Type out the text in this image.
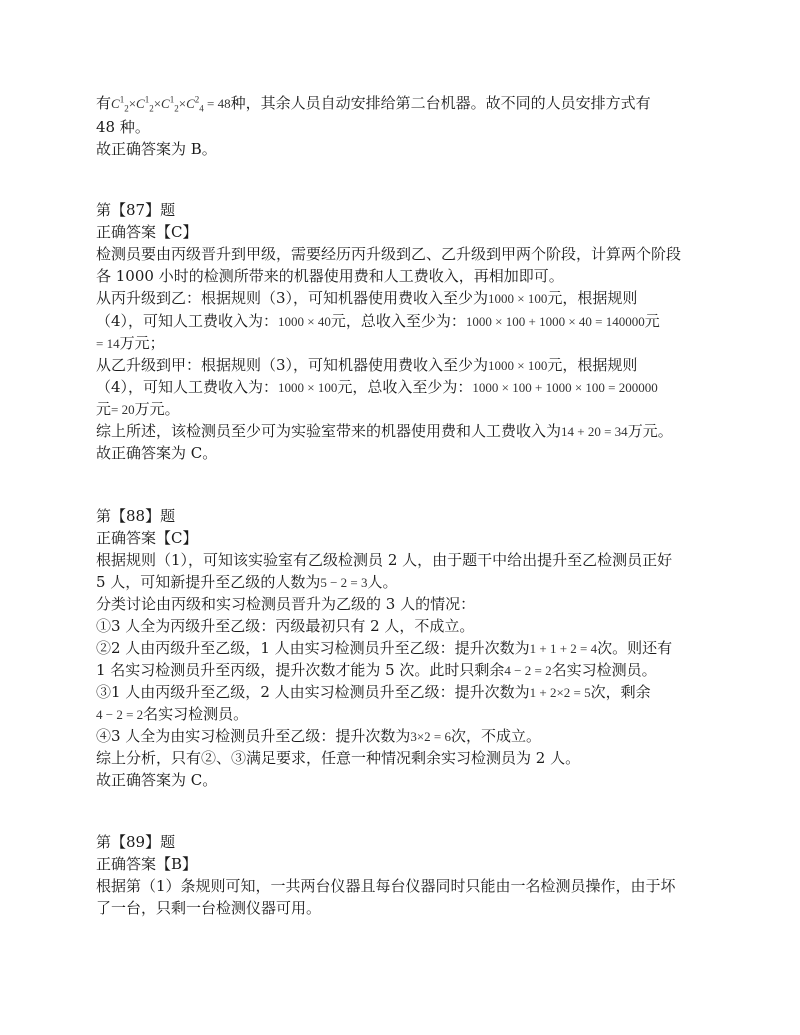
有$C^1_2\times C^1_2\times C^1_2\times C^2_4 = 48$种，其余人员自动安排给第二台机器。故不同的人员安排方式有
48 种。
故正确答案为 B。
第【87】题
正确答案【C】
检测员要由丙级晋升到甲级，需要经历丙升级到乙、乙升级到甲两个阶段，计算两个阶段
各 1000 小时的检测所带来的机器使用费和人工费收入，再相加即可。
从丙升级到乙：根据规则（3），可知机器使用费收入至少为1000 × 100元，根据规则
（4），可知人工费收入为：1000 × 40元，总收入至少为：1000 × 100 + 1000 × 40 = 140000元
= 14万元；
从乙升级到甲：根据规则（3），可知机器使用费收入至少为1000 × 100元，根据规则
（4），可知人工费收入为：1000 × 100元，总收入至少为：1000 × 100 + 1000 × 100 = 200000
元= 20万元。
综上所述，该检测员至少可为实验室带来的机器使用费和人工费收入为14 + 20 = 34万元。
故正确答案为 C。
第【88】题
正确答案【C】
根据规则（1），可知该实验室有乙级检测员 2 人，由于题干中给出提升至乙检测员正好
5 人，可知新提升至乙级的人数为5 − 2 = 3人。
分类讨论由丙级和实习检测员晋升为乙级的 3 人的情况：
①3 人全为丙级升至乙级：丙级最初只有 2 人，不成立。
②2 人由丙级升至乙级，1 人由实习检测员升至乙级：提升次数为1 + 1 + 2 = 4次。则还有
1 名实习检测员升至丙级，提升次数才能为 5 次。此时只剩余4 − 2 = 2名实习检测员。
③1 人由丙级升至乙级，2 人由实习检测员升至乙级：提升次数为1 + 2×2 = 5次，剩余
4 − 2 = 2名实习检测员。
④3 人全为由实习检测员升至乙级：提升次数为3×2 = 6次，不成立。
综上分析，只有②、③满足要求，任意一种情况剩余实习检测员为 2 人。
故正确答案为 C。
第【89】题
正确答案【B】
根据第（1）条规则可知，一共两台仪器且每台仪器同时只能由一名检测员操作，由于坏
了一台，只剩一台检测仪器可用。
